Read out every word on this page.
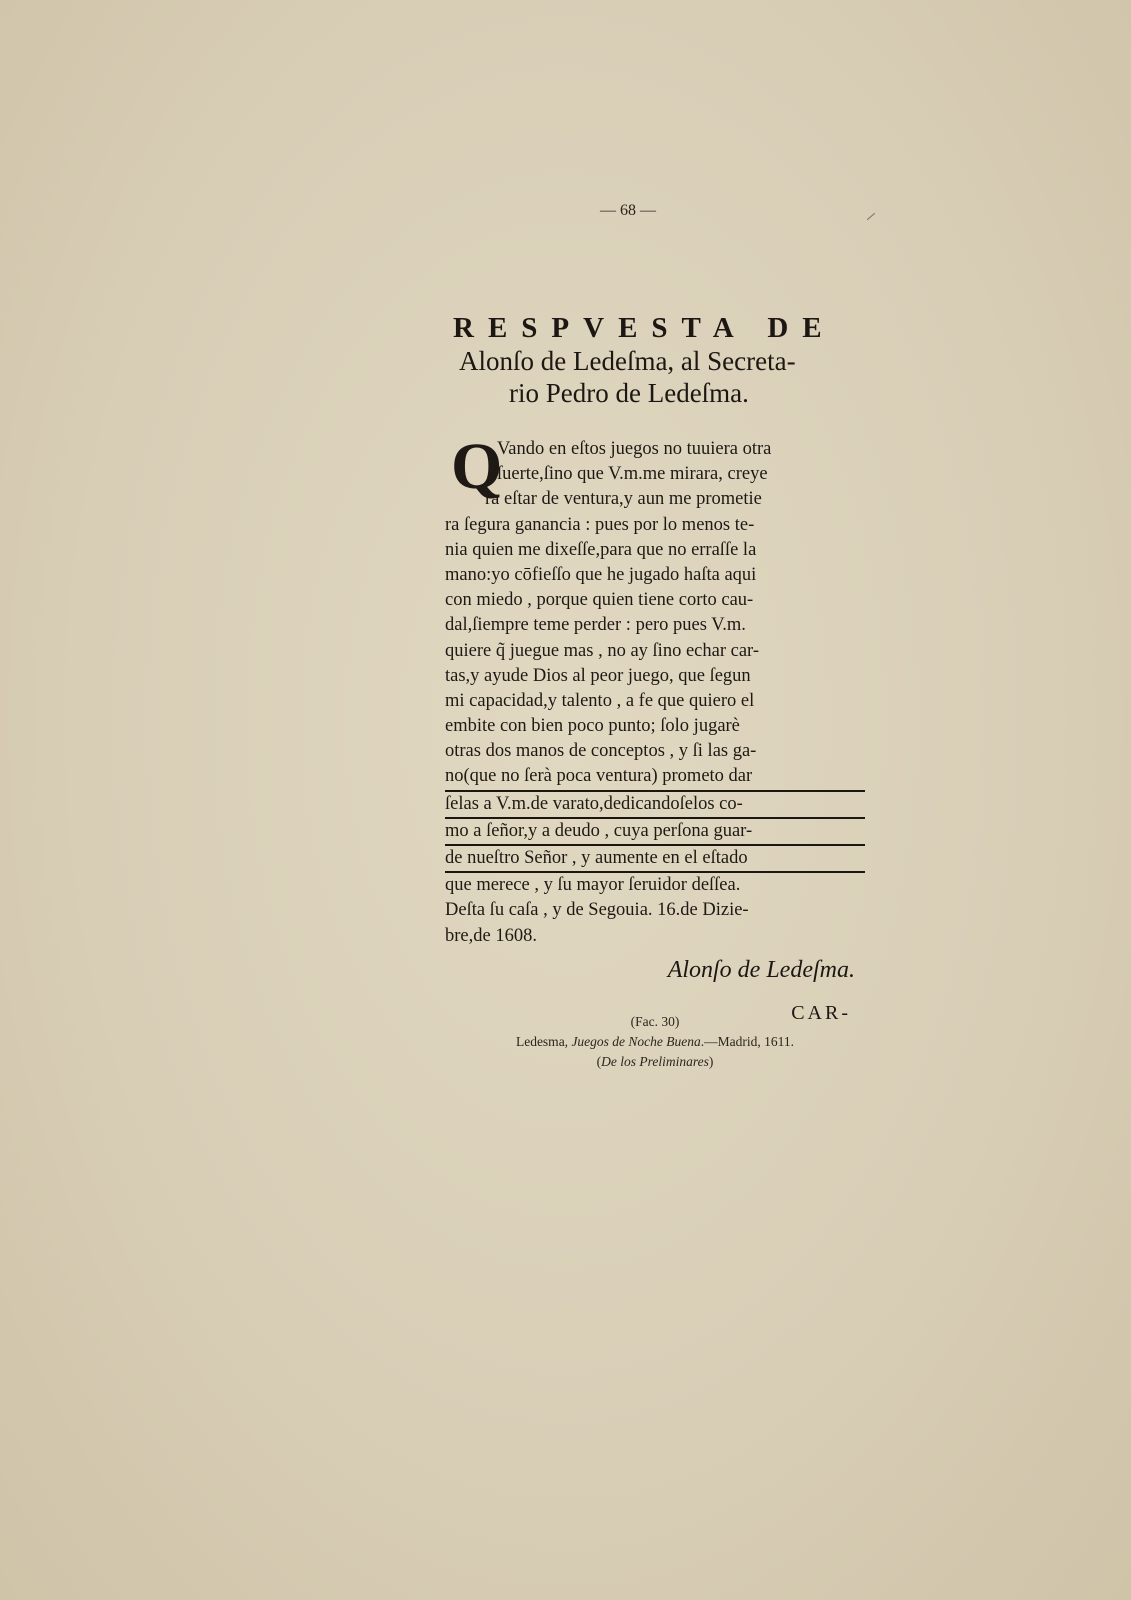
— 68 —
RESPVESTA DE
Alonſo de Ledeſma, al Secreta-
rio Pedro de Ledeſma.
Q
Vando en eſtos juegos no tuuiera otra
ſuerte,ſino que V.m.me mirara, creye
ra eſtar de ventura,y aun me prometie
ra ſegura ganancia : pues por lo menos te-
nia quien me dixeſſe,para que no erraſſe la
mano:yo cōfieſſo que he jugado haſta aqui
con miedo , porque quien tiene corto cau-
dal,ſiempre teme perder : pero pues V.m.
quiere q̃ juegue mas , no ay ſino echar car-
tas,y ayude Dios al peor juego, que ſegun
mi capacidad,y talento , a fe que quiero el
embite con bien poco punto; ſolo jugarè
otras dos manos de conceptos , y ſi las ga-
no(que no ſerà poca ventura) prometo dar
ſelas a V.m.de varato,dedicandoſelos co-
mo a ſeñor,y a deudo , cuya perſona guar-
de nueſtro Señor , y aumente en el eſtado
que merece , y ſu mayor ſeruidor deſſea.
Deſta ſu caſa , y de Segouia. 16.de Dizie-
bre,de 1608.
Alonſo de Ledeſma.
CAR-
(Fac. 30)
Ledesma, Juegos de Noche Buena.—Madrid, 1611.
(De los Preliminares)
